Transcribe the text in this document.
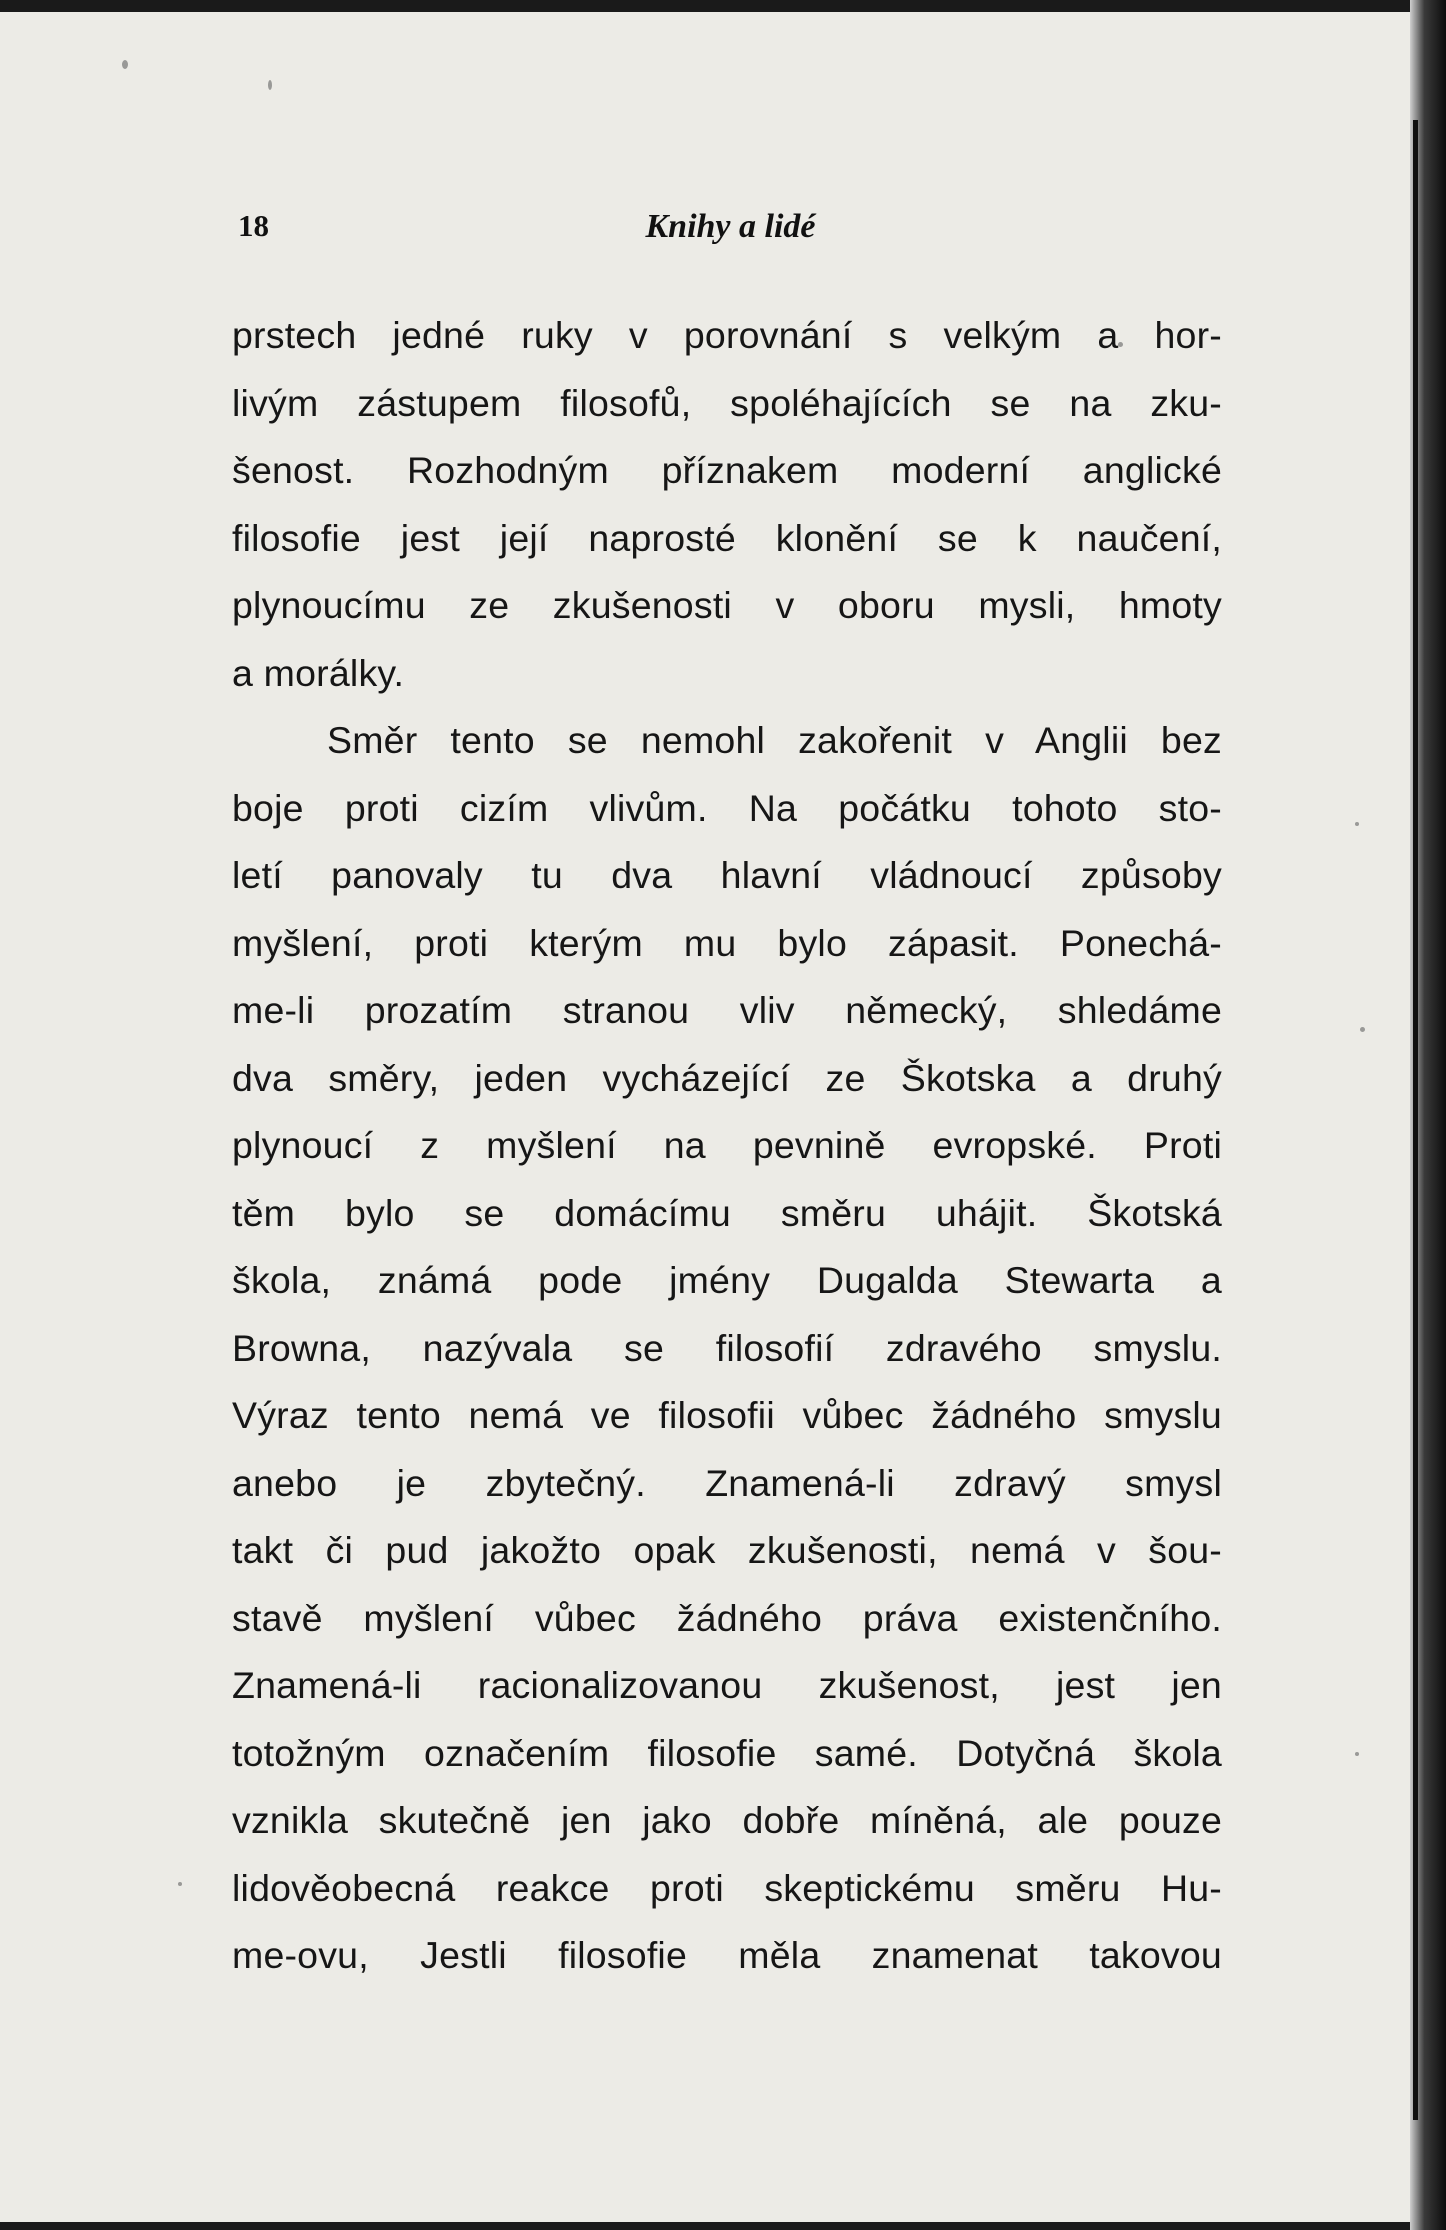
18	Knihy a lidé
prstech jedné ruky v porovnání s velkým a hor-
livým zástupem filosofů, spoléhajících se na zku-
šenost. Rozhodným příznakem moderní anglické
filosofie jest její naprosté klonění se k naučení,
plynoucímu ze zkušenosti v oboru mysli, hmoty
a morálky.
Směr tento se nemohl zakořenit v Anglii bez
boje proti cizím vlivům. Na počátku tohoto sto-
letí panovaly tu dva hlavní vládnoucí způsoby
myšlení, proti kterým mu bylo zápasit. Ponechá-
me-li prozatím stranou vliv německý, shledáme
dva směry, jeden vycházející ze Škotska a druhý
plynoucí z myšlení na pevnině evropské. Proti
těm bylo se domácímu směru uhájit. Škotská
škola, známá pode jmény Dugalda Stewarta a
Browna, nazývala se filosofií zdravého smyslu.
Výraz tento nemá ve filosofii vůbec žádného smyslu
anebo je zbytečný. Znamená-li zdravý smysl
takt či pud jakožto opak zkušenosti, nemá v šou-
stavě myšlení vůbec žádného práva existenčního.
Znamená-li racionalizovanou zkušenost, jest jen
totožným označením filosofie samé. Dotyčná škola
vznikla skutečně jen jako dobře míněná, ale pouze
lidověobecná reakce proti skeptickému směru Hu-
me-ovu, Jestli filosofie měla znamenat takovou
